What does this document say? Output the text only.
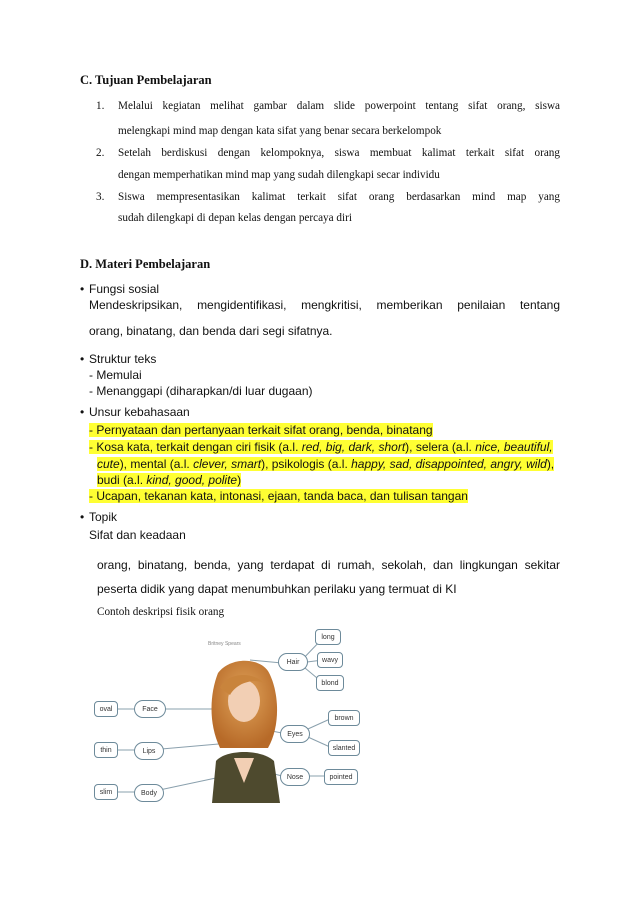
C. Tujuan Pembelajaran
1. Melalui kegiatan melihat gambar dalam slide powerpoint tentang sifat orang, siswa
melengkapi mind map dengan kata sifat yang benar secara berkelompok
2. Setelah berdiskusi dengan kelompoknya, siswa membuat kalimat terkait sifat orang
dengan memperhatikan mind map yang sudah dilengkapi secar individu
3. Siswa mempresentasikan kalimat terkait sifat orang berdasarkan mind map yang
sudah dilengkapi di depan kelas dengan percaya diri
D. Materi Pembelajaran
• Fungsi sosial
Mendeskripsikan, mengidentifikasi, mengkritisi, memberikan penilaian tentang
orang, binatang, dan benda dari segi sifatnya.
• Struktur teks
- Memulai
- Menanggapi (diharapkan/di luar dugaan)
• Unsur kebahasaan
- Pernyataan dan pertanyaan terkait sifat orang, benda, binatang
- Kosa kata, terkait dengan ciri fisik (a.l. red, big, dark, short), selera (a.l. nice, beautiful,
cute), mental (a.l. clever, smart), psikologis (a.l. happy, sad, disappointed, angry, wild),
budi (a.l. kind, good, polite)
- Ucapan, tekanan kata, intonasi, ejaan, tanda baca, dan tulisan tangan
• Topik
Sifat dan keadaan
orang, binatang, benda, yang terdapat di rumah, sekolah, dan lingkungan sekitar
peserta didik yang dapat menumbuhkan perilaku yang termuat di KI
Contoh deskripsi fisik orang
Britney Spears
Hair
long
wavy
blond
oval	Face
thin	Lips
slim	Body
Eyes
brown
slanted
Nose	pointed
